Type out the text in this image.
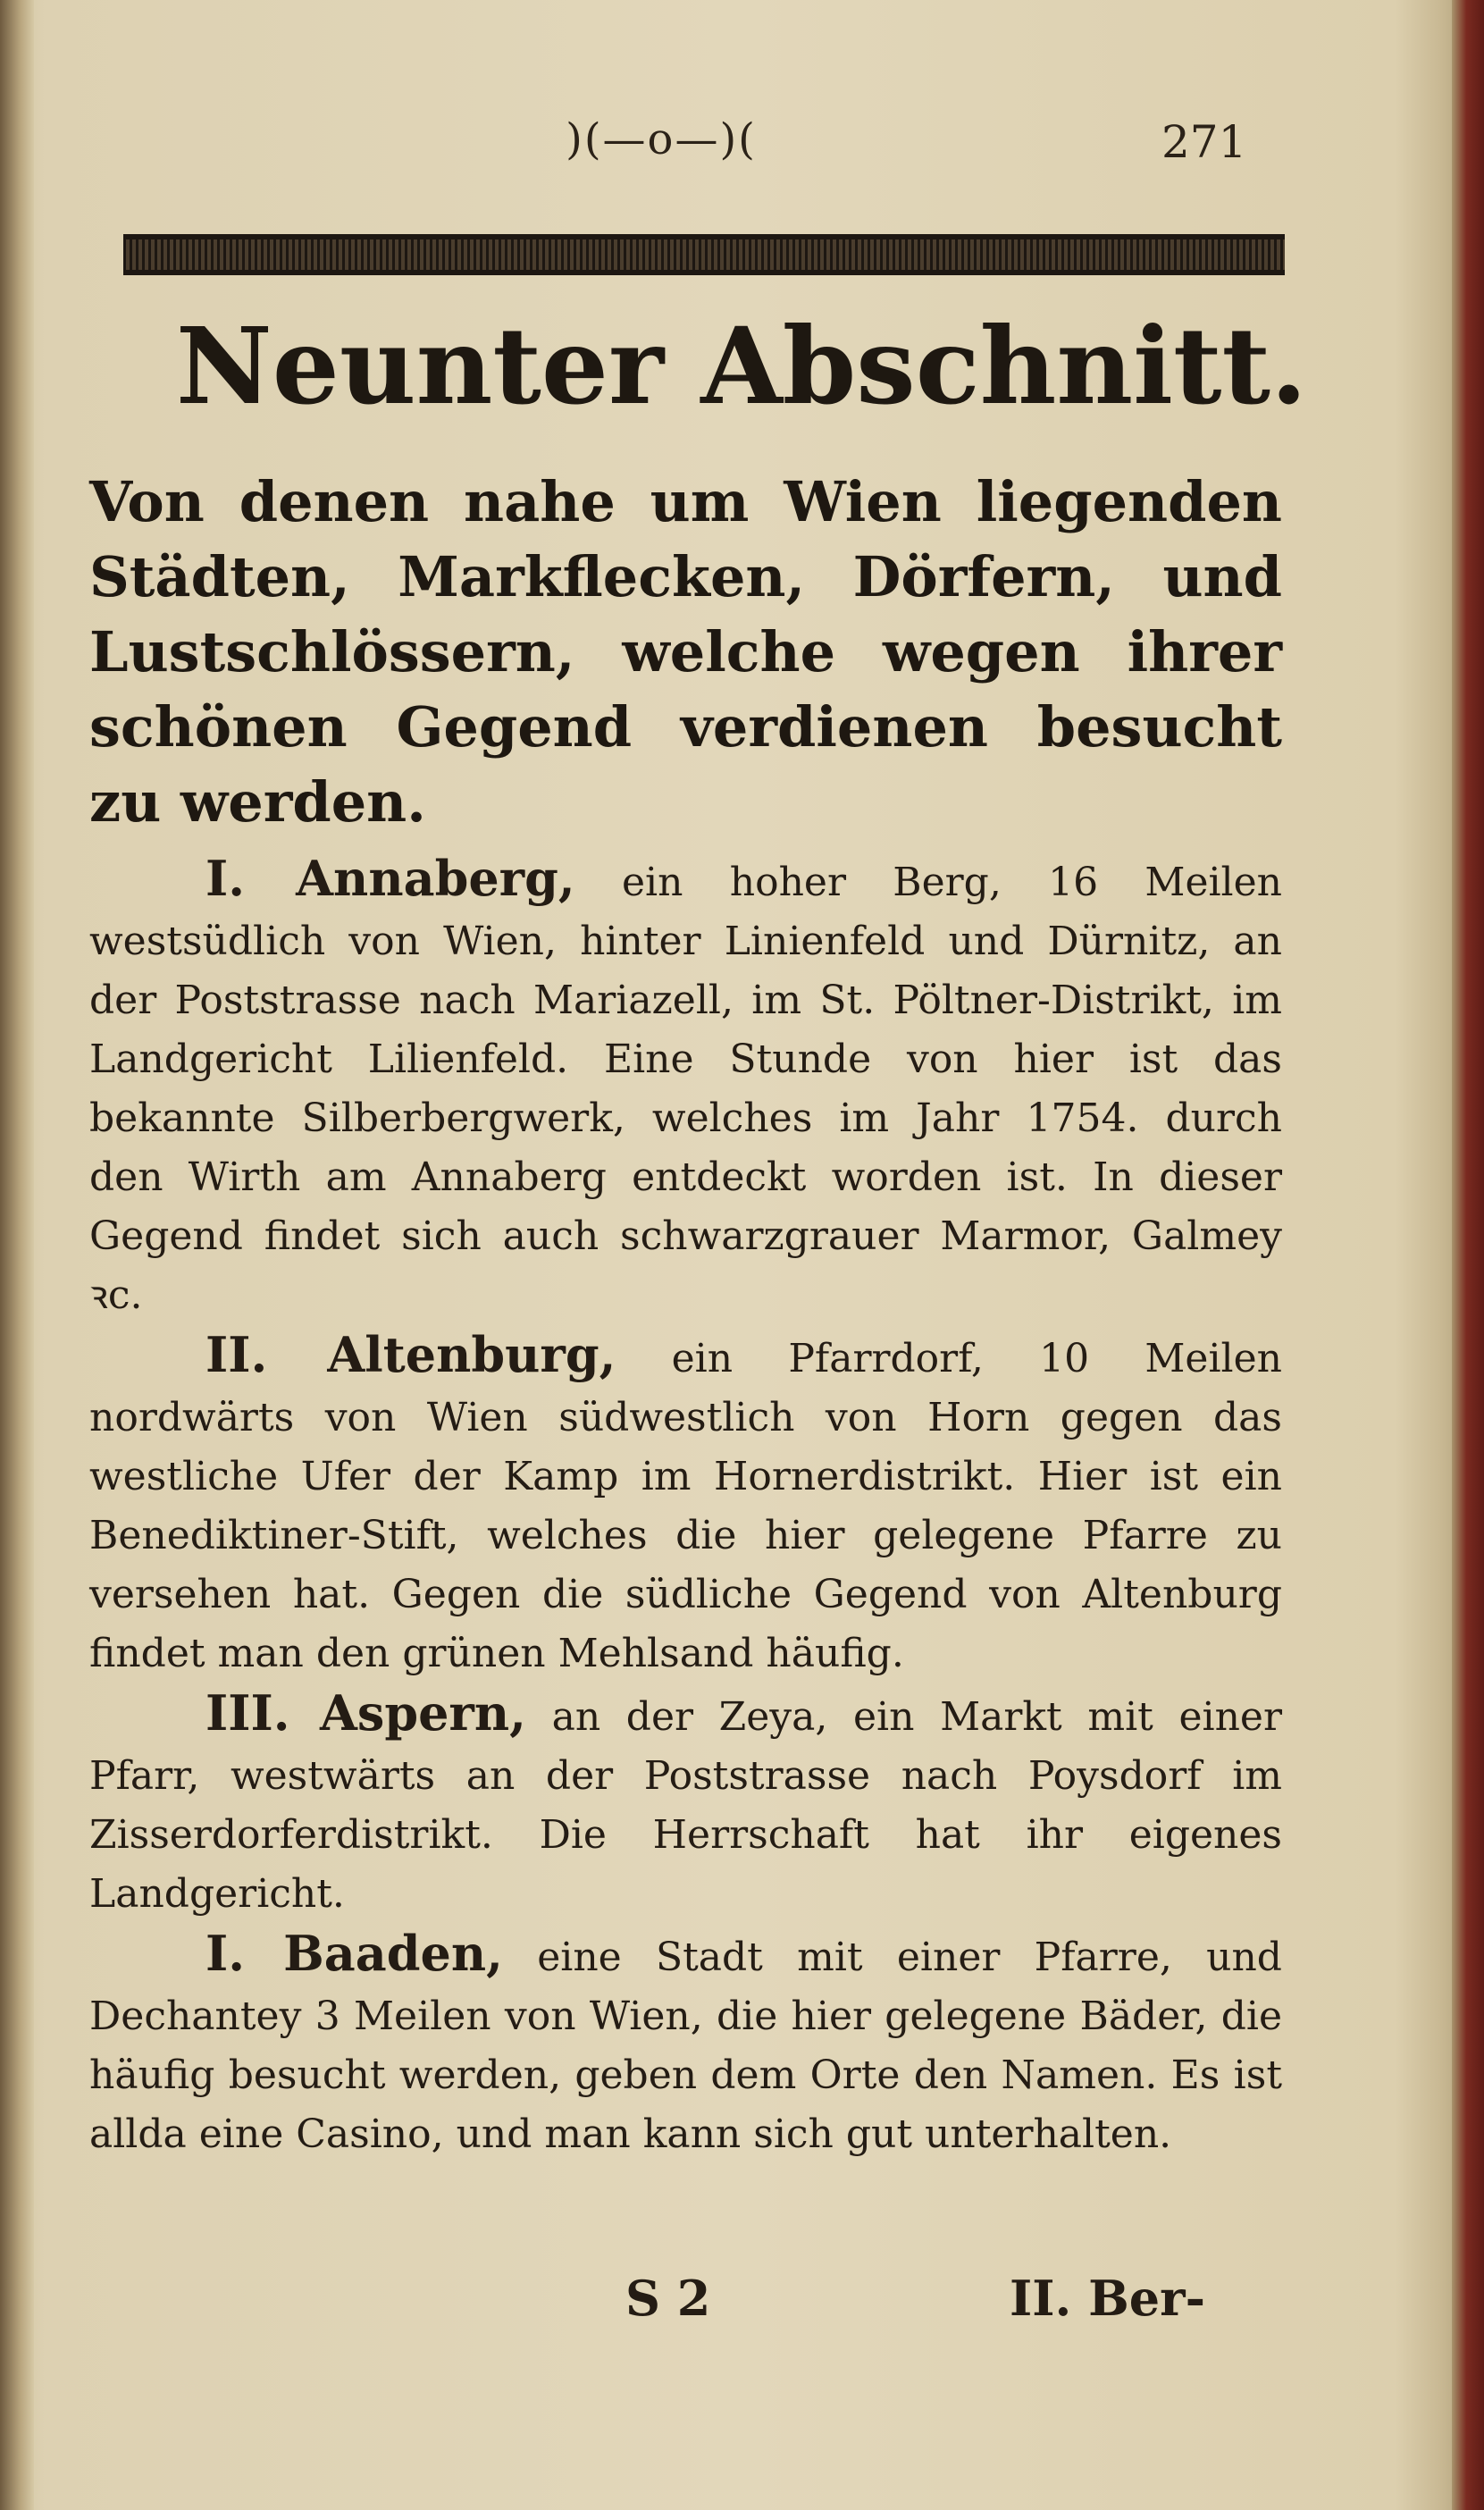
)(—o—)(	271
Neunter Abschnitt.
Von denen nahe um Wien liegenden Städten, Markflecken, Dörfern, und Lustschlössern, welche wegen ihrer schönen Gegend verdienen besucht zu werden.

I. Annaberg, ein hoher Berg, 16 Meilen westsüdlich von Wien, hinter Linienfeld und Dürnitz, an der Poststrasse nach Mariazell, im St. Pöltner-Distrikt, im Landgericht Lilienfeld. Eine Stunde von hier ist das bekannte Silberbergwerk, welches im Jahr 1754. durch den Wirth am Annaberg entdeckt worden ist. In dieser Gegend findet sich auch schwarzgrauer Marmor, Galmey ꝛc.

II. Altenburg, ein Pfarrdorf, 10 Meilen nordwärts von Wien südwestlich von Horn gegen das westliche Ufer der Kamp im Hornerdistrikt. Hier ist ein Benediktiner-Stift, welches die hier gelegene Pfarre zu versehen hat. Gegen die südliche Gegend von Altenburg findet man den grünen Mehlsand häufig.

III. Aspern, an der Zeya, ein Markt mit einer Pfarr, westwärts an der Poststrasse nach Poysdorf im Zisserdorferdistrikt. Die Herrschaft hat ihr eigenes Landgericht.

I. Baaden, eine Stadt mit einer Pfarre, und Dechantey 3 Meilen von Wien, die hier gelegene Bäder, die häufig besucht werden, geben dem Orte den Namen. Es ist allda eine Casino, und man kann sich gut unterhalten.

S 2	II. Ber-
